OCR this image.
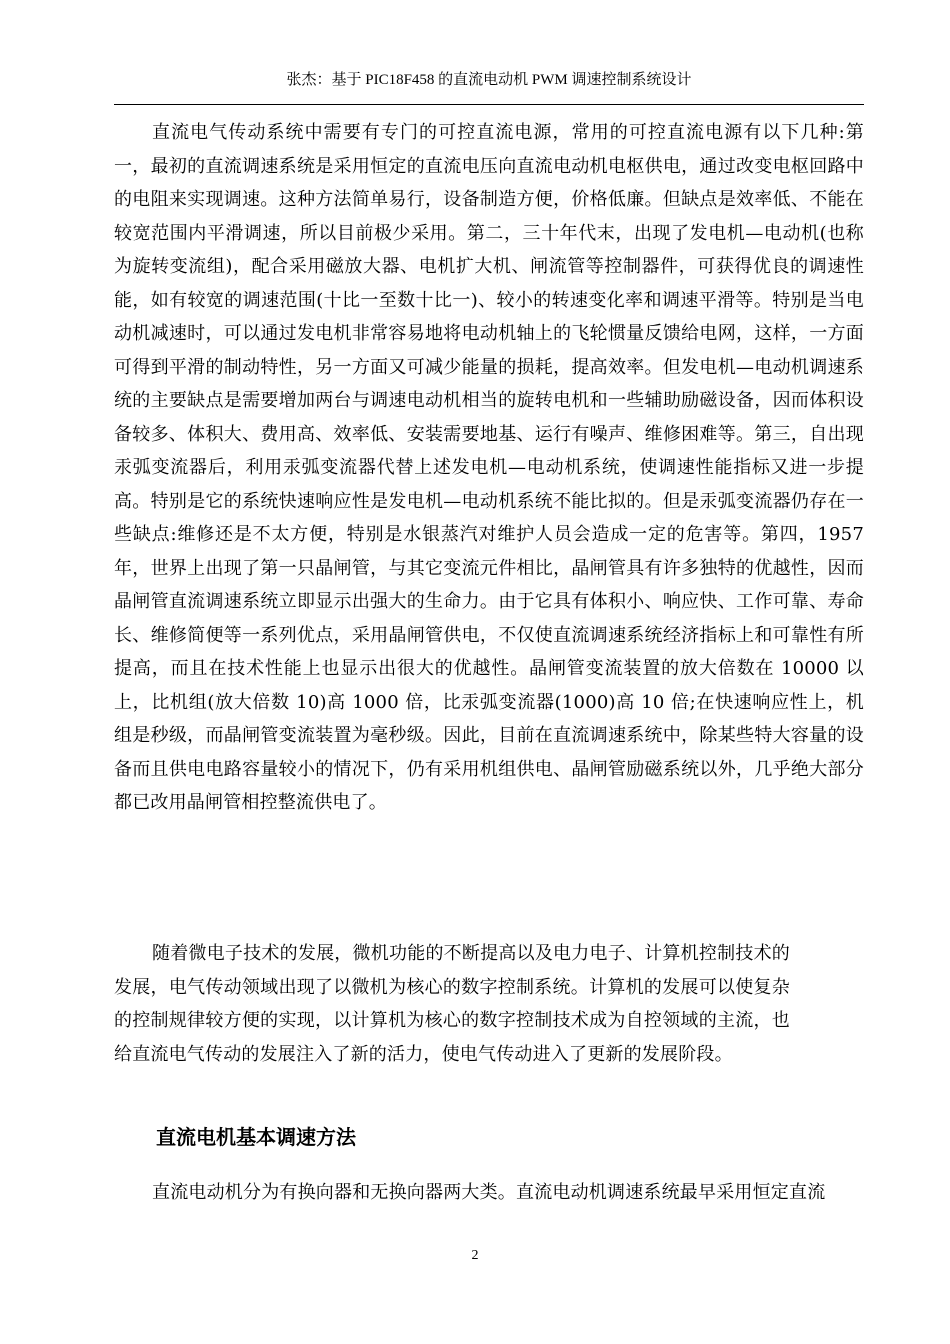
张杰：基于 PIC18F458 的直流电动机 PWM 调速控制系统设计

直流电气传动系统中需要有专门的可控直流电源，常用的可控直流电源有以下几种:第一，最初的直流调速系统是采用恒定的直流电压向直流电动机电枢供电，通过改变电枢回路中的电阻来实现调速。这种方法简单易行，设备制造方便，价格低廉。但缺点是效率低、不能在较宽范围内平滑调速，所以目前极少采用。第二，三十年代末，出现了发电机—电动机(也称为旋转变流组)，配合采用磁放大器、电机扩大机、闸流管等控制器件，可获得优良的调速性能，如有较宽的调速范围(十比一至数十比一)、较小的转速变化率和调速平滑等。特别是当电动机减速时，可以通过发电机非常容易地将电动机轴上的飞轮惯量反馈给电网，这样，一方面可得到平滑的制动特性，另一方面又可减少能量的损耗，提高效率。但发电机—电动机调速系统的主要缺点是需要增加两台与调速电动机相当的旋转电机和一些辅助励磁设备，因而体积设备较多、体积大、费用高、效率低、安装需要地基、运行有噪声、维修困难等。第三，自出现汞弧变流器后，利用汞弧变流器代替上述发电机—电动机系统，使调速性能指标又进一步提高。特别是它的系统快速响应性是发电机—电动机系统不能比拟的。但是汞弧变流器仍存在一些缺点:维修还是不太方便，特别是水银蒸汽对维护人员会造成一定的危害等。第四，1957 年，世界上出现了第一只晶闸管，与其它变流元件相比，晶闸管具有许多独特的优越性，因而晶闸管直流调速系统立即显示出强大的生命力。由于它具有体积小、响应快、工作可靠、寿命长、维修简便等一系列优点，采用晶闸管供电，不仅使直流调速系统经济指标上和可靠性有所提高，而且在技术性能上也显示出很大的优越性。晶闸管变流装置的放大倍数在 10000 以上，比机组(放大倍数 10)高 1000 倍，比汞弧变流器(1000)高 10 倍;在快速响应性上，机组是秒级，而晶闸管变流装置为毫秒级。因此，目前在直流调速系统中，除某些特大容量的设备而且供电电路容量较小的情况下，仍有采用机组供电、晶闸管励磁系统以外，几乎绝大部分都已改用晶闸管相控整流供电了。

随着微电子技术的发展，微机功能的不断提高以及电力电子、计算机控制技术的发展，电气传动领域出现了以微机为核心的数字控制系统。计算机的发展可以使复杂的控制规律较方便的实现，以计算机为核心的数字控制技术成为自控领域的主流，也给直流电气传动的发展注入了新的活力，使电气传动进入了更新的发展阶段。

直流电机基本调速方法

直流电动机分为有换向器和无换向器两大类。直流电动机调速系统最早采用恒定直流

2
